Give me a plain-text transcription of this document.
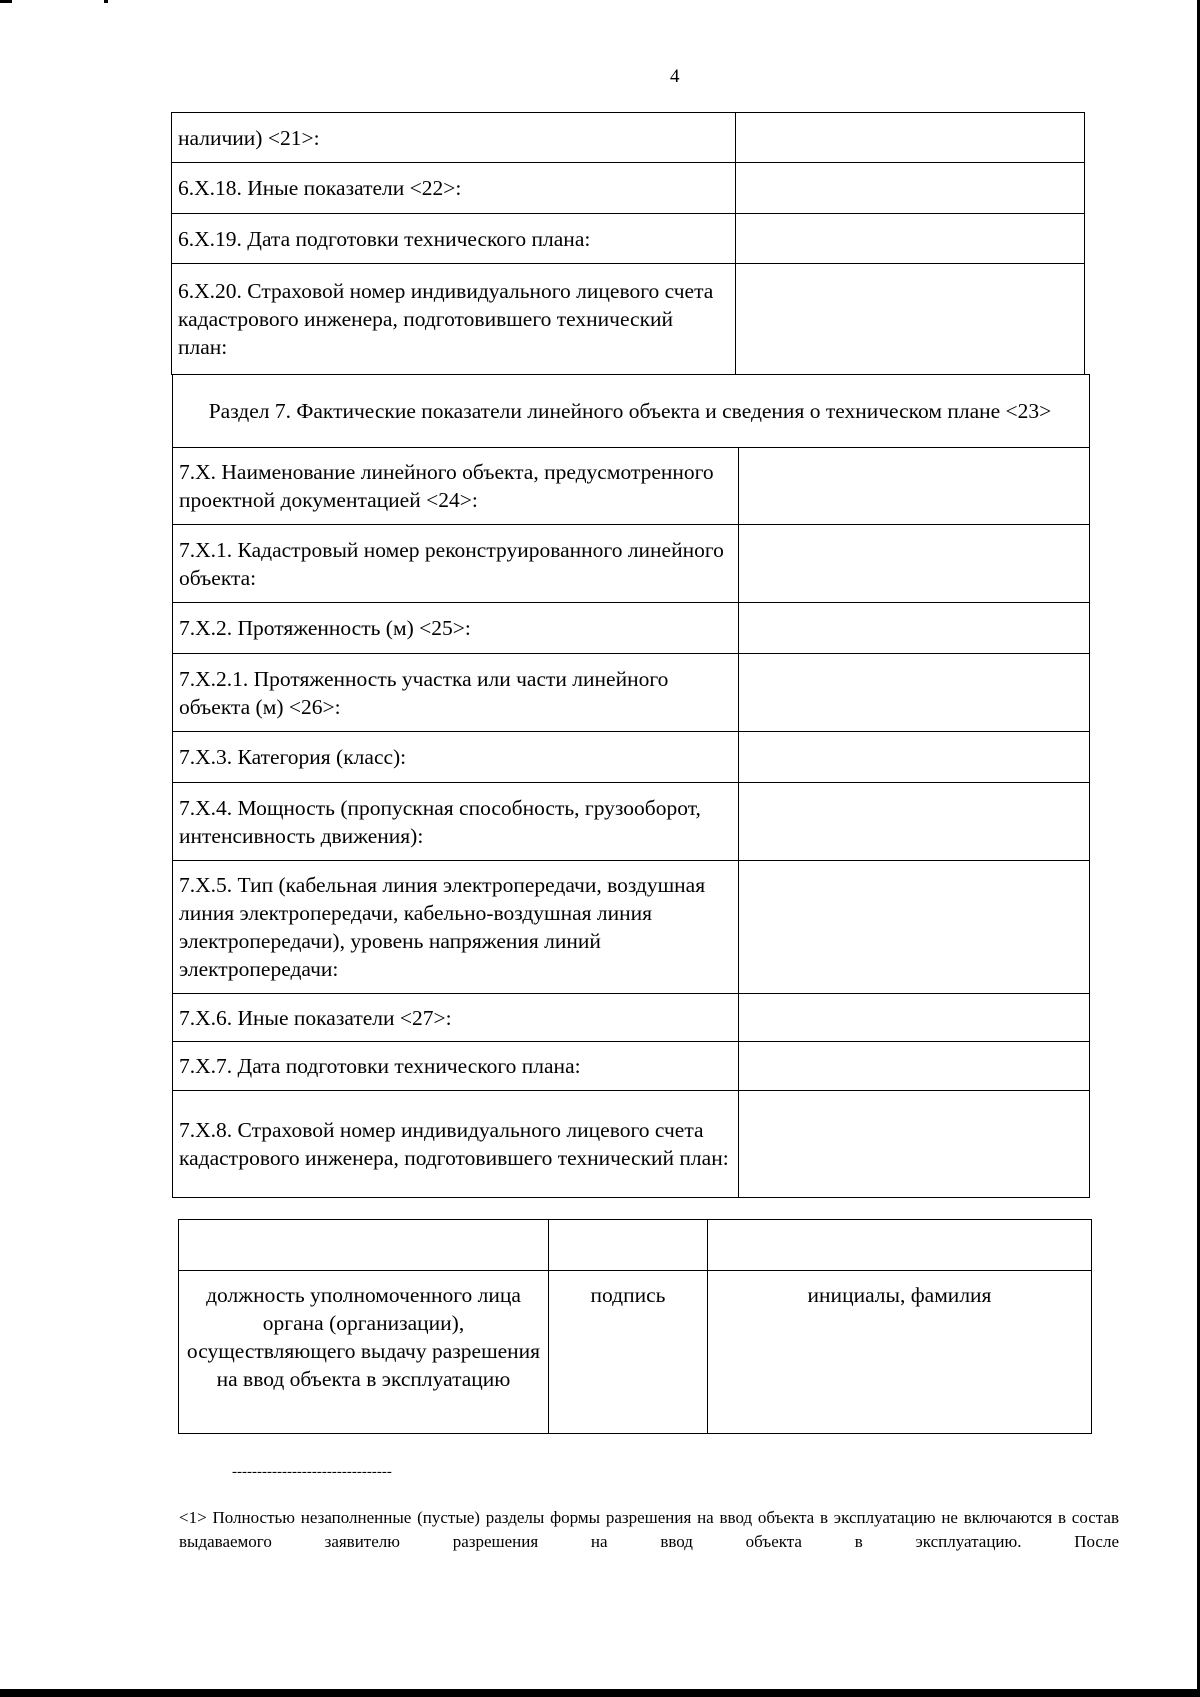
4
наличии) <21>:	
6.X.18. Иные показатели <22>:	
6.X.19. Дата подготовки технического плана:	
6.X.20. Страховой номер индивидуального лицевого счета кадастрового инженера, подготовившего технический план:	
Раздел 7. Фактические показатели линейного объекта и сведения о техническом плане <23>	
7.X. Наименование линейного объекта, предусмотренного проектной документацией <24>:	
7.X.1. Кадастровый номер реконструированного линейного объекта:	
7.X.2. Протяженность (м) <25>:	
7.X.2.1. Протяженность участка или части линейного объекта (м) <26>:	
7.X.3. Категория (класс):	
7.X.4. Мощность (пропускная способность, грузооборот, интенсивность движения):	
7.X.5. Тип (кабельная линия электропередачи, воздушная линия электропередачи, кабельно-воздушная линия электропередачи), уровень напряжения линий электропередачи:	
7.X.6. Иные показатели <27>:	
7.X.7. Дата подготовки технического плана:	
7.X.8. Страховой номер индивидуального лицевого счета кадастрового инженера, подготовившего технический план:	

должность уполномоченного лица органа (организации), осуществляющего выдачу разрешения на ввод объекта в эксплуатацию	подпись	инициалы, фамилия
--------------------------------
<1> Полностью незаполненные (пустые) разделы формы разрешения на ввод объекта в эксплуатацию не включаются в состав выдаваемого заявителю разрешения на ввод объекта в эксплуатацию. После
